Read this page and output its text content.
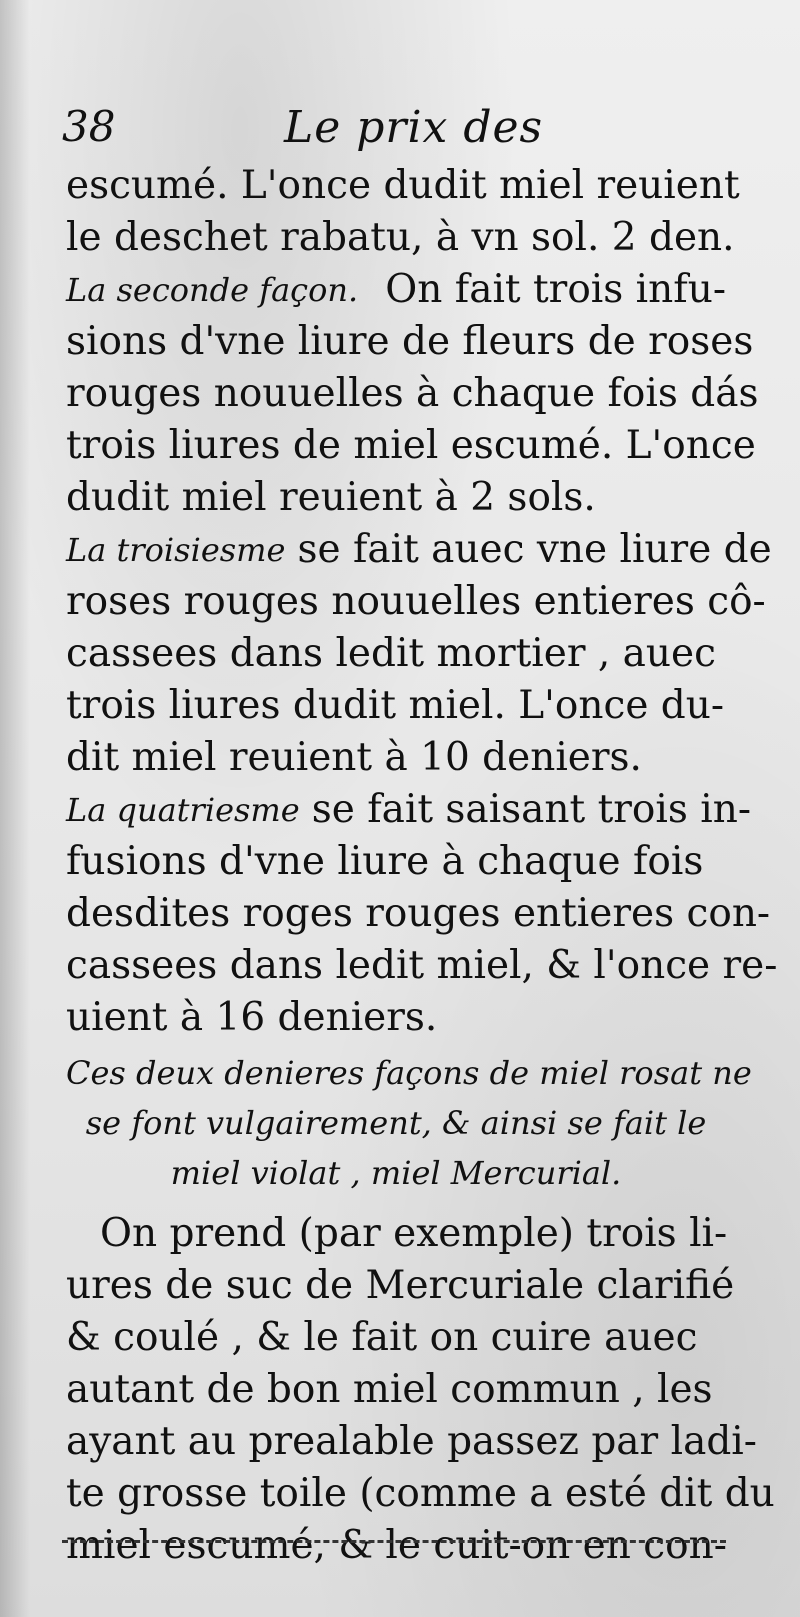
38	Le prix des
escumé. L'once dudit miel reuient
le deschet rabatu, à vn sol. 2 den.
La seconde façon. On fait trois infu-
sions d'vne liure de fleurs de roses
rouges nouuelles à chaque fois dás
trois liures de miel escumé. L'once
dudit miel reuient à 2 sols.
La troisiesme se fait auec vne liure de
roses rouges nouuelles entieres cô-
cassees dans ledit mortier , auec
trois liures dudit miel. L'once du-
dit miel reuient à 10 deniers.
La quatriesme se fait saisant trois in-
fusions d'vne liure à chaque fois
desdites roges rouges entieres con-
cassees dans ledit miel, & l'once re-
uient à 16 deniers.
Ces deux denieres façons de miel rosat ne
se font vulgairement, & ainsi se fait le
miel violat , miel Mercurial.
On prend (par exemple) trois li-
ures de suc de Mercuriale clarifié
& coulé , & le fait on cuire auec
autant de bon miel commun , les
ayant au prealable passez par ladi-
te grosse toile (comme a esté dit du
miel escumé, & le cuit-on en con-
